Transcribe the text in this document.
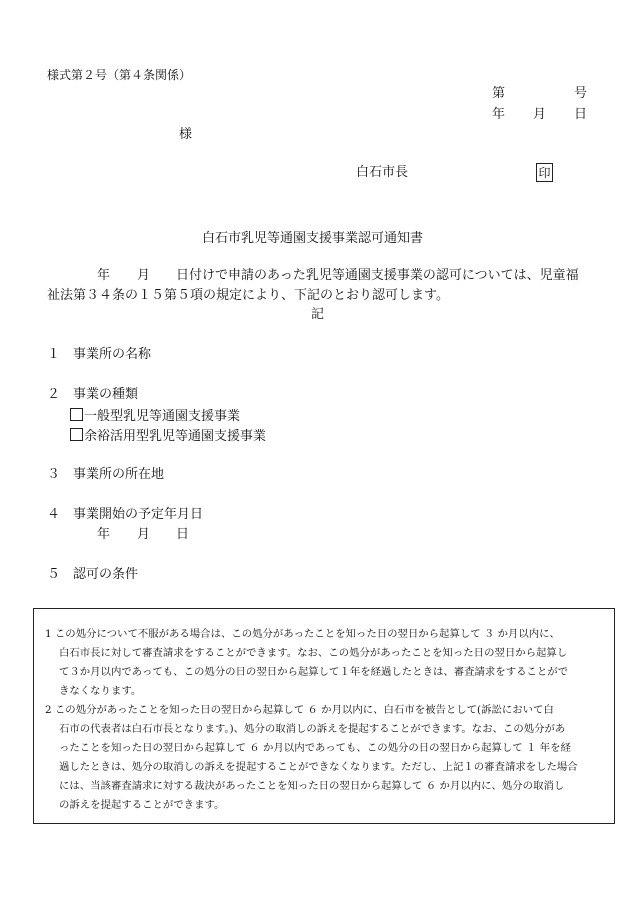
様式第２号（第４条関係）
第	号
年 月 日
様
白石市長	印
白石市乳児等通園支援事業認可通知書
年 月 日付けで申請のあった乳児等通園支援事業の認可については、児童福
祉法第３４条の１５第５項の規定により、下記のとおり認可します。
記
１　事業所の名称
２　事業の種類
一般型乳児等通園支援事業
余裕活用型乳児等通園支援事業
３　事業所の所在地
４　事業開始の予定年月日
年 月 日
５　認可の条件
1 この処分について不服がある場合は、この処分があったことを知った日の翌日から起算して ３ か月以内に、
白石市長に対して審査請求をすることができます。なお、この処分があったことを知った日の翌日から起算し
て３か月以内であっても、この処分の日の翌日から起算して１年を経過したときは、審査請求をすることがで
きなくなります。
2 この処分があったことを知った日の翌日から起算して ６ か月以内に、白石市を被告として(訴訟において白
石市の代表者は白石市長となります。)、処分の取消しの訴えを提起することができます。なお、この処分があ
ったことを知った日の翌日から起算して ６ か月以内であっても、この処分の日の翌日から起算して １ 年を経
過したときは、処分の取消しの訴えを提起することができなくなります。ただし、上記１の審査請求をした場合
には、当該審査請求に対する裁決があったことを知った日の翌日から起算して ６ か月以内に、処分の取消し
の訴えを提起することができます。
